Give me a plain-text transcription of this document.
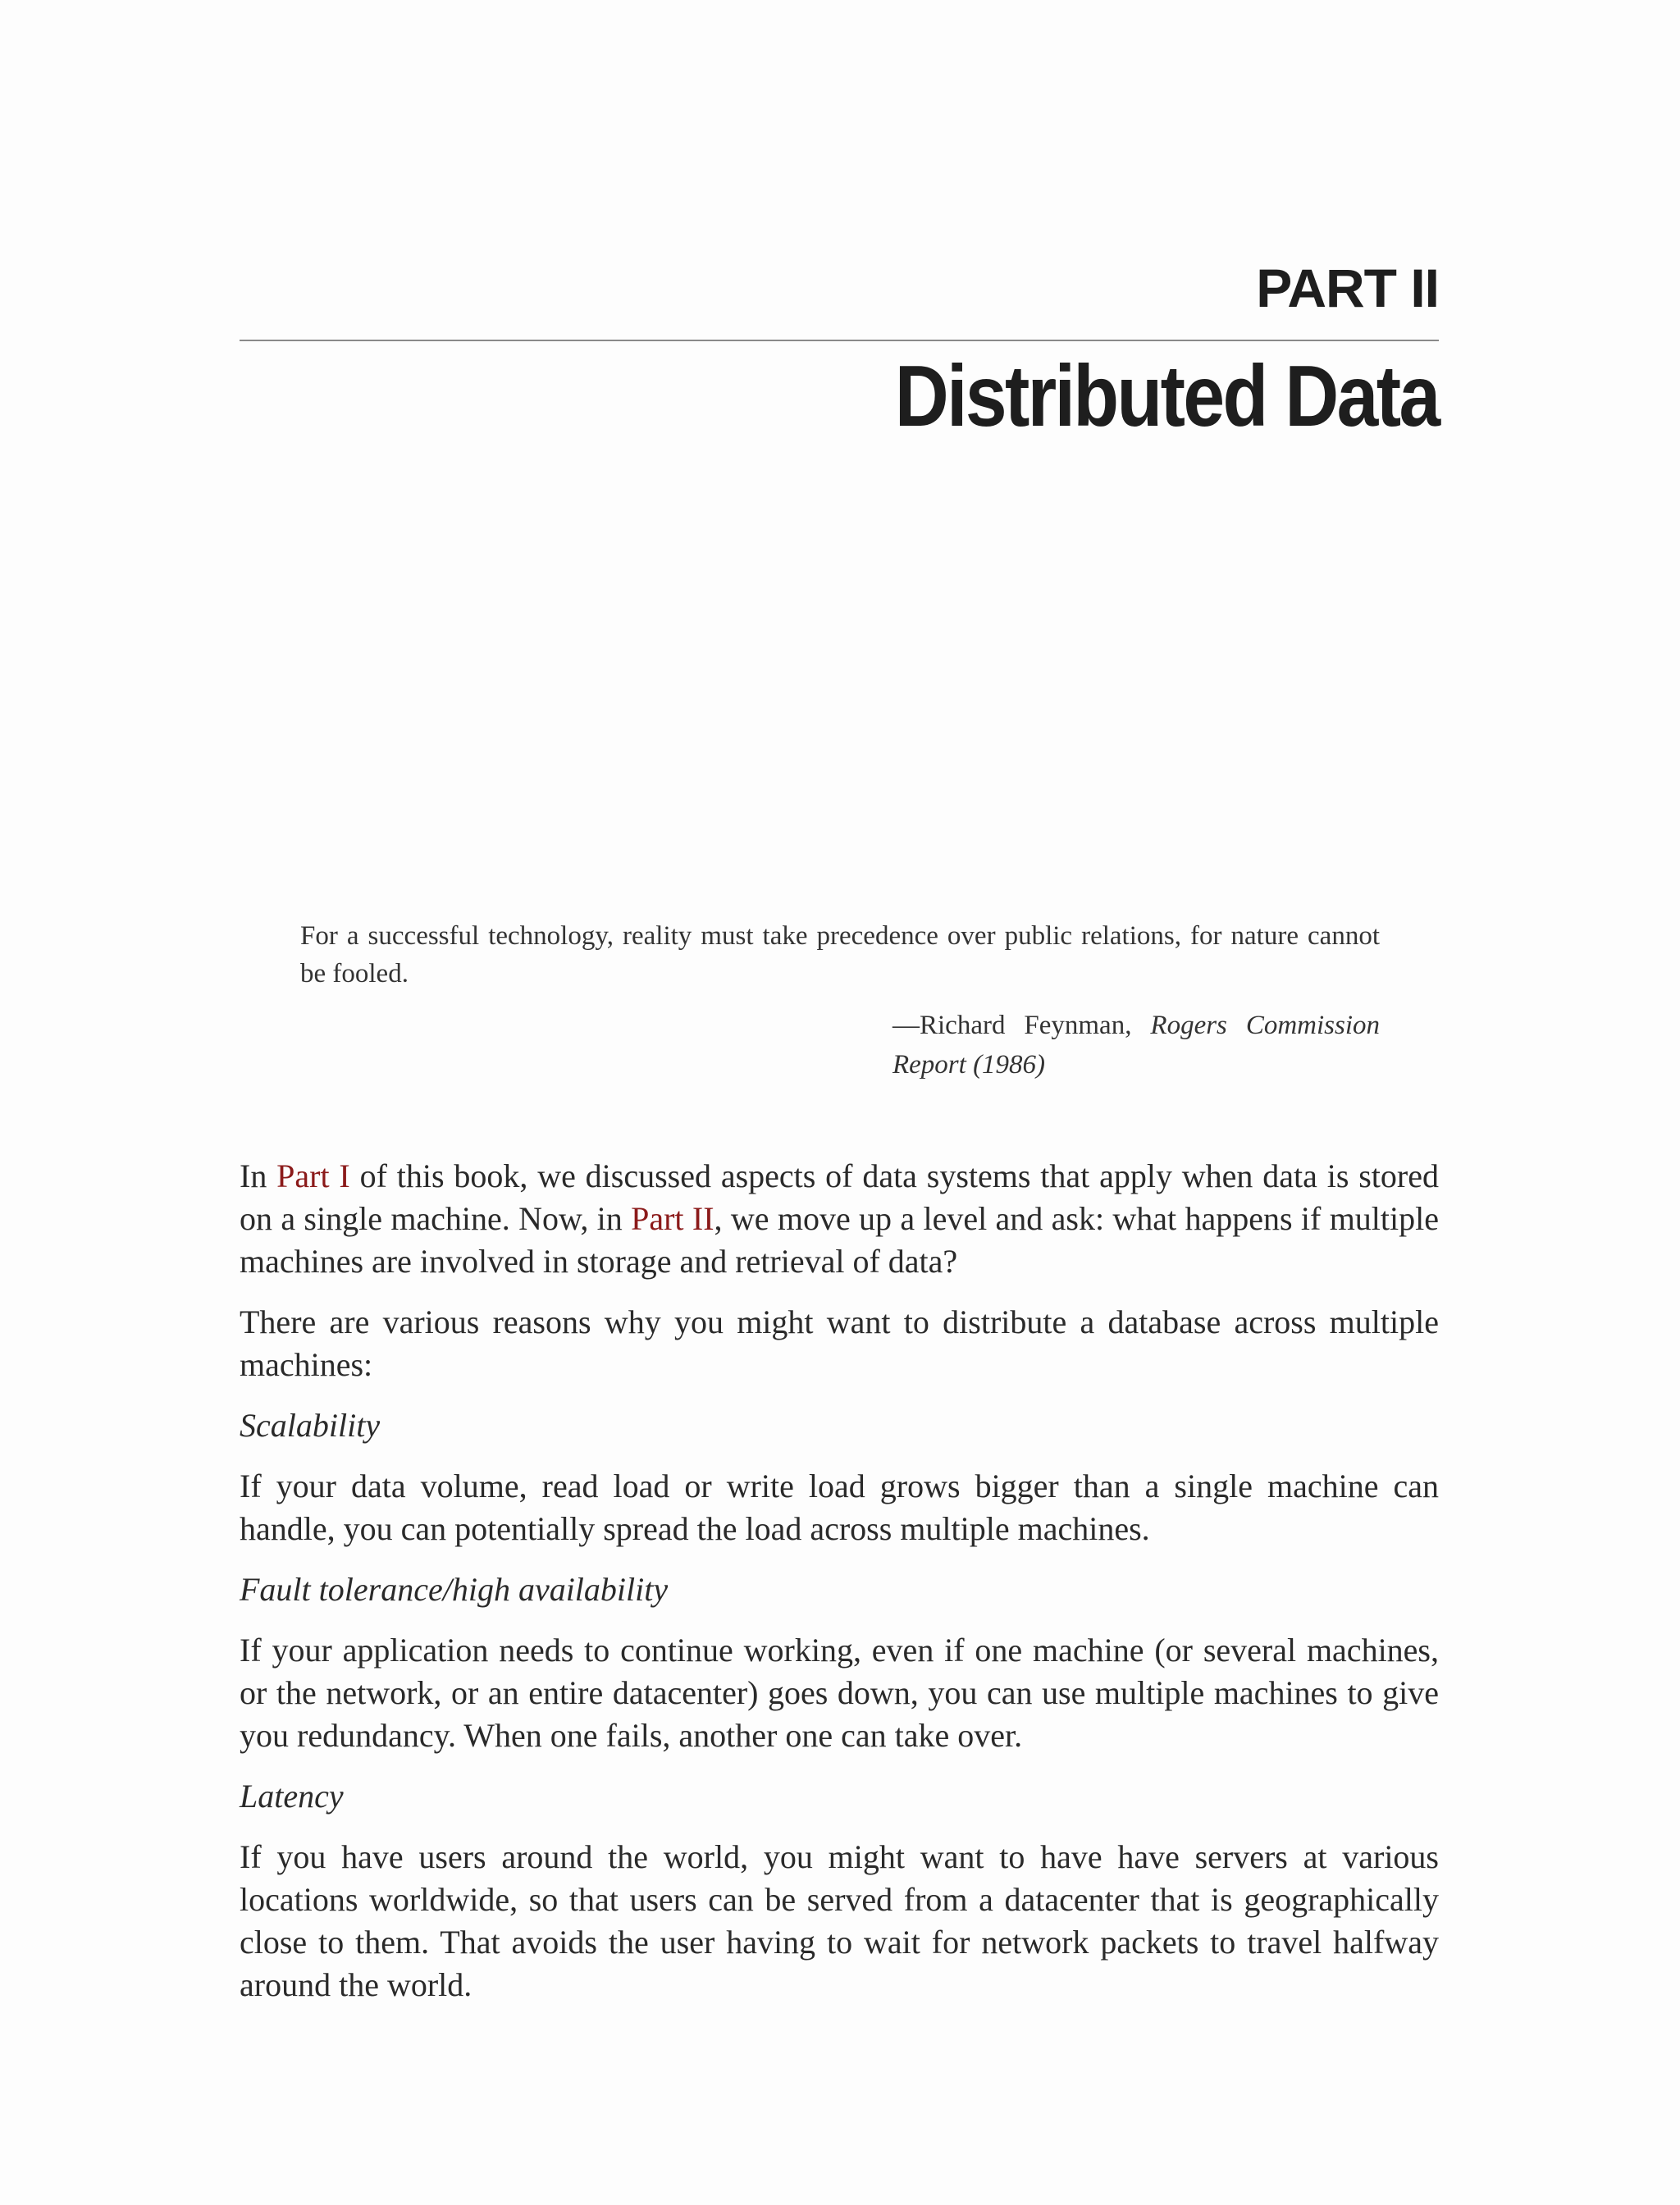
PART II
Distributed Data

For a successful technology, reality must take precedence over public relations, for nature cannot be fooled.

—Richard Feynman, Rogers Commission Report (1986)

In Part I of this book, we discussed aspects of data systems that apply when data is stored on a single machine. Now, in Part II, we move up a level and ask: what happens if multiple machines are involved in storage and retrieval of data?

There are various reasons why you might want to distribute a database across multiple machines:

Scalability

If your data volume, read load or write load grows bigger than a single machine can handle, you can potentially spread the load across multiple machines.

Fault tolerance/high availability

If your application needs to continue working, even if one machine (or several machines, or the network, or an entire datacenter) goes down, you can use multiple machines to give you redundancy. When one fails, another one can take over.

Latency

If you have users around the world, you might want to have have servers at various locations worldwide, so that users can be served from a datacenter that is geographically close to them. That avoids the user having to wait for network packets to travel halfway around the world.
